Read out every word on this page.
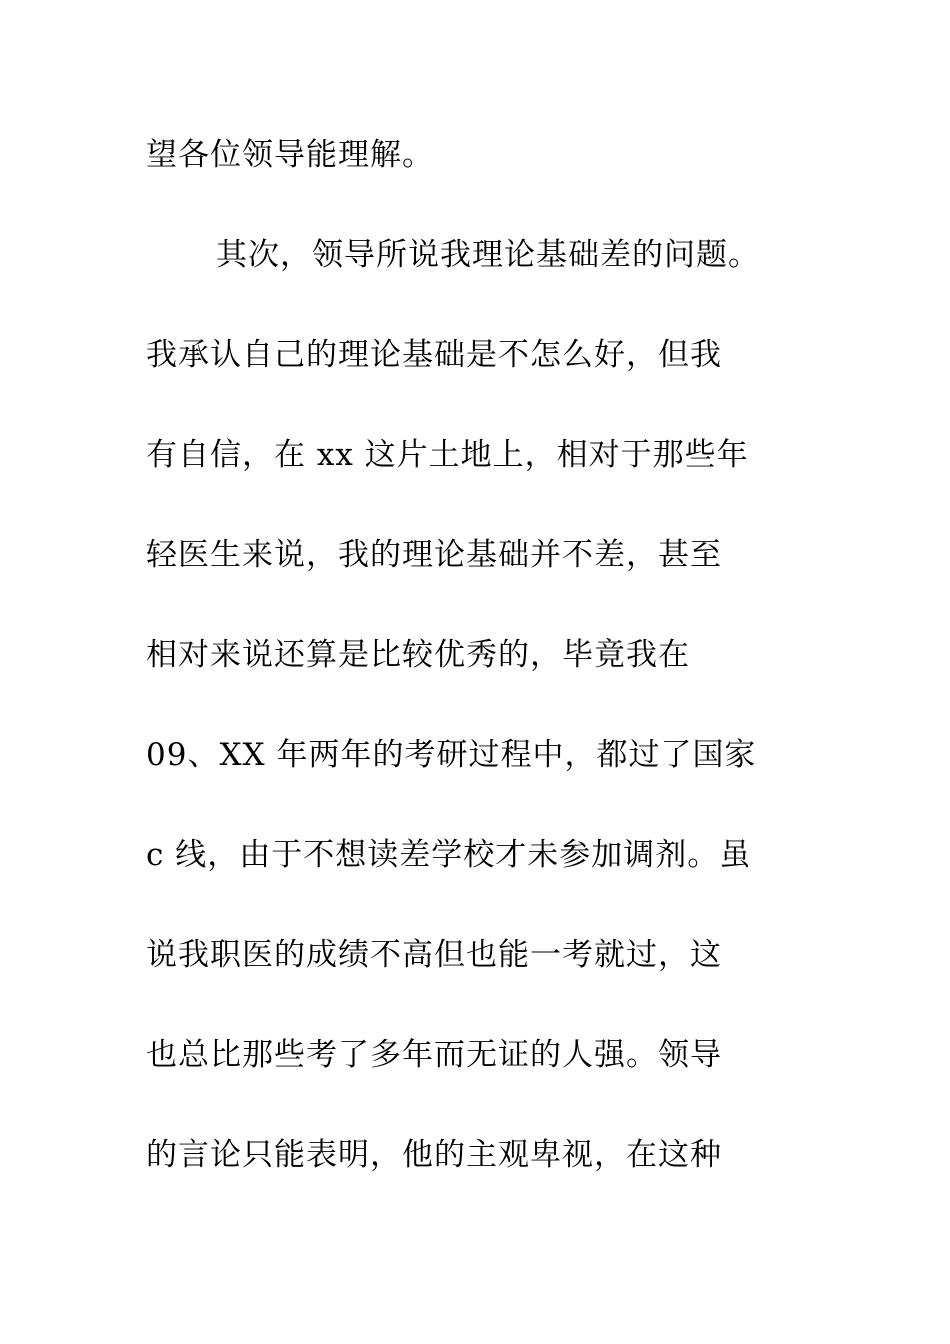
望各位领导能理解。
其次，领导所说我理论基础差的问题。
我承认自己的理论基础是不怎么好，但我
有自信，在 xx 这片土地上，相对于那些年
轻医生来说，我的理论基础并不差，甚至
相对来说还算是比较优秀的，毕竟我在
09、XX 年两年的考研过程中，都过了国家
c 线，由于不想读差学校才未参加调剂。虽
说我职医的成绩不高但也能一考就过，这
也总比那些考了多年而无证的人强。领导
的言论只能表明，他的主观卑视，在这种
